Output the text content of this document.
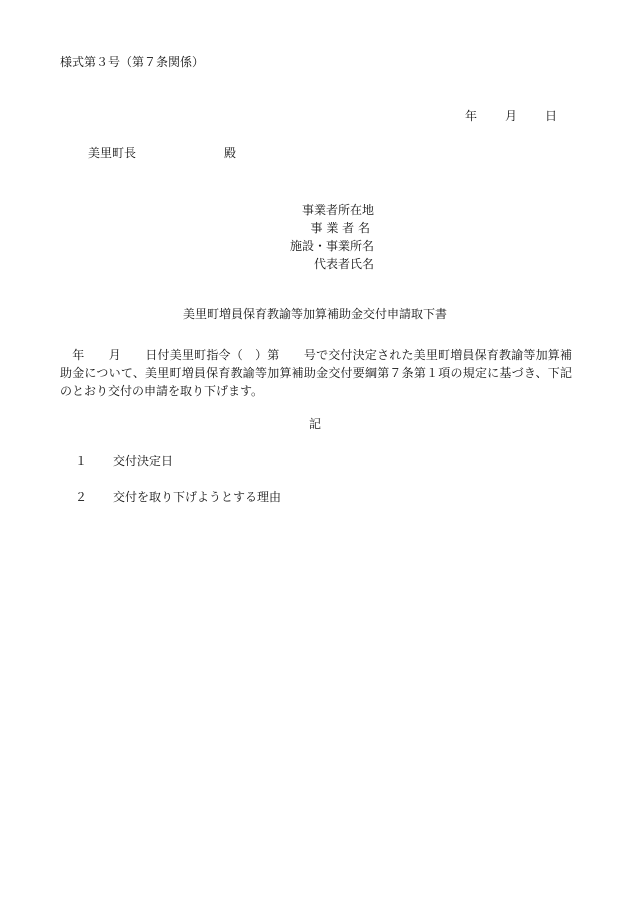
様式第３号（第７条関係）
年 月 日
美里町長	殿
事業者所在地
事 業 者 名
施設・事業所名
代表者氏名
美里町増員保育教諭等加算補助金交付申請取下書
　年　　月　　日付美里町指令（　）第　　号で交付決定された美里町増員保育教諭等加算補助金について、美里町増員保育教諭等加算補助金交付要綱第７条第１項の規定に基づき、下記のとおり交付の申請を取り下げます。
記
１ 交付決定日
２ 交付を取り下げようとする理由
